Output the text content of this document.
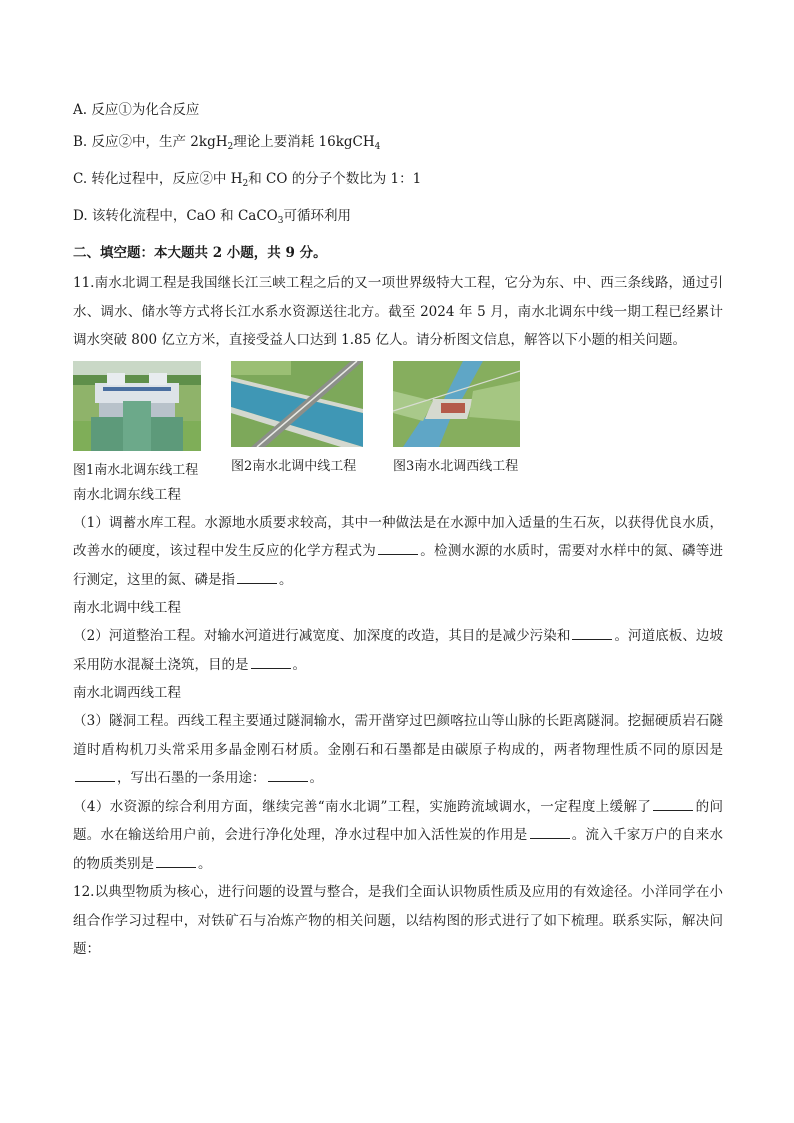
A. 反应①为化合反应
B. 反应②中，生产 2kgH$_2$理论上要消耗 16kgCH$_4$
C. 转化过程中，反应②中 $H_2$和 CO 的分子个数比为 1：1
D. 该转化流程中，CaO 和 CaCO$_3$可循环利用
二、填空题：本大题共 2 小题，共 9 分。
11.南水北调工程是我国继长江三峡工程之后的又一项世界级特大工程，它分为东、中、西三条线路，通过引水、调水、储水等方式将长江水系水资源送往北方。截至 2024 年 5 月，南水北调东中线一期工程已经累计调水突破 800 亿立方米，直接受益人口达到 1.85 亿人。请分析图文信息，解答以下小题的相关问题。
图1南水北调东线工程	图2南水北调中线工程	图3南水北调西线工程
南水北调东线工程
（1）调蓄水库工程。水源地水质要求较高，其中一种做法是在水源中加入适量的生石灰，以获得优良水质，改善水的硬度，该过程中发生反应的化学方程式为	。检测水源的水质时，需要对水样中的氮、磷等进行测定，这里的氮、磷是指	。
南水北调中线工程
（2）河道整治工程。对输水河道进行减宽度、加深度的改造，其目的是减少污染和	。河道底板、边坡采用防水混凝土浇筑，目的是	。
南水北调西线工程
（3）隧洞工程。西线工程主要通过隧洞输水，需开凿穿过巴颜喀拉山等山脉的长距离隧洞。挖掘硬质岩石隧道时盾构机刀头常采用多晶金刚石材质。金刚石和石墨都是由碳原子构成的，两者物理性质不同的原因是，写出石墨的一条用途：	。
（4）水资源的综合利用方面，继续完善“南水北调”工程，实施跨流域调水，一定程度上缓解了	的问题。水在输送给用户前，会进行净化处理，净水过程中加入活性炭的作用是	。流入千家万户的自来水的物质类别是	。
12.以典型物质为核心，进行问题的设置与整合，是我们全面认识物质性质及应用的有效途径。小洋同学在小组合作学习过程中，对铁矿石与冶炼产物的相关问题，以结构图的形式进行了如下梳理。联系实际，解决问题：
